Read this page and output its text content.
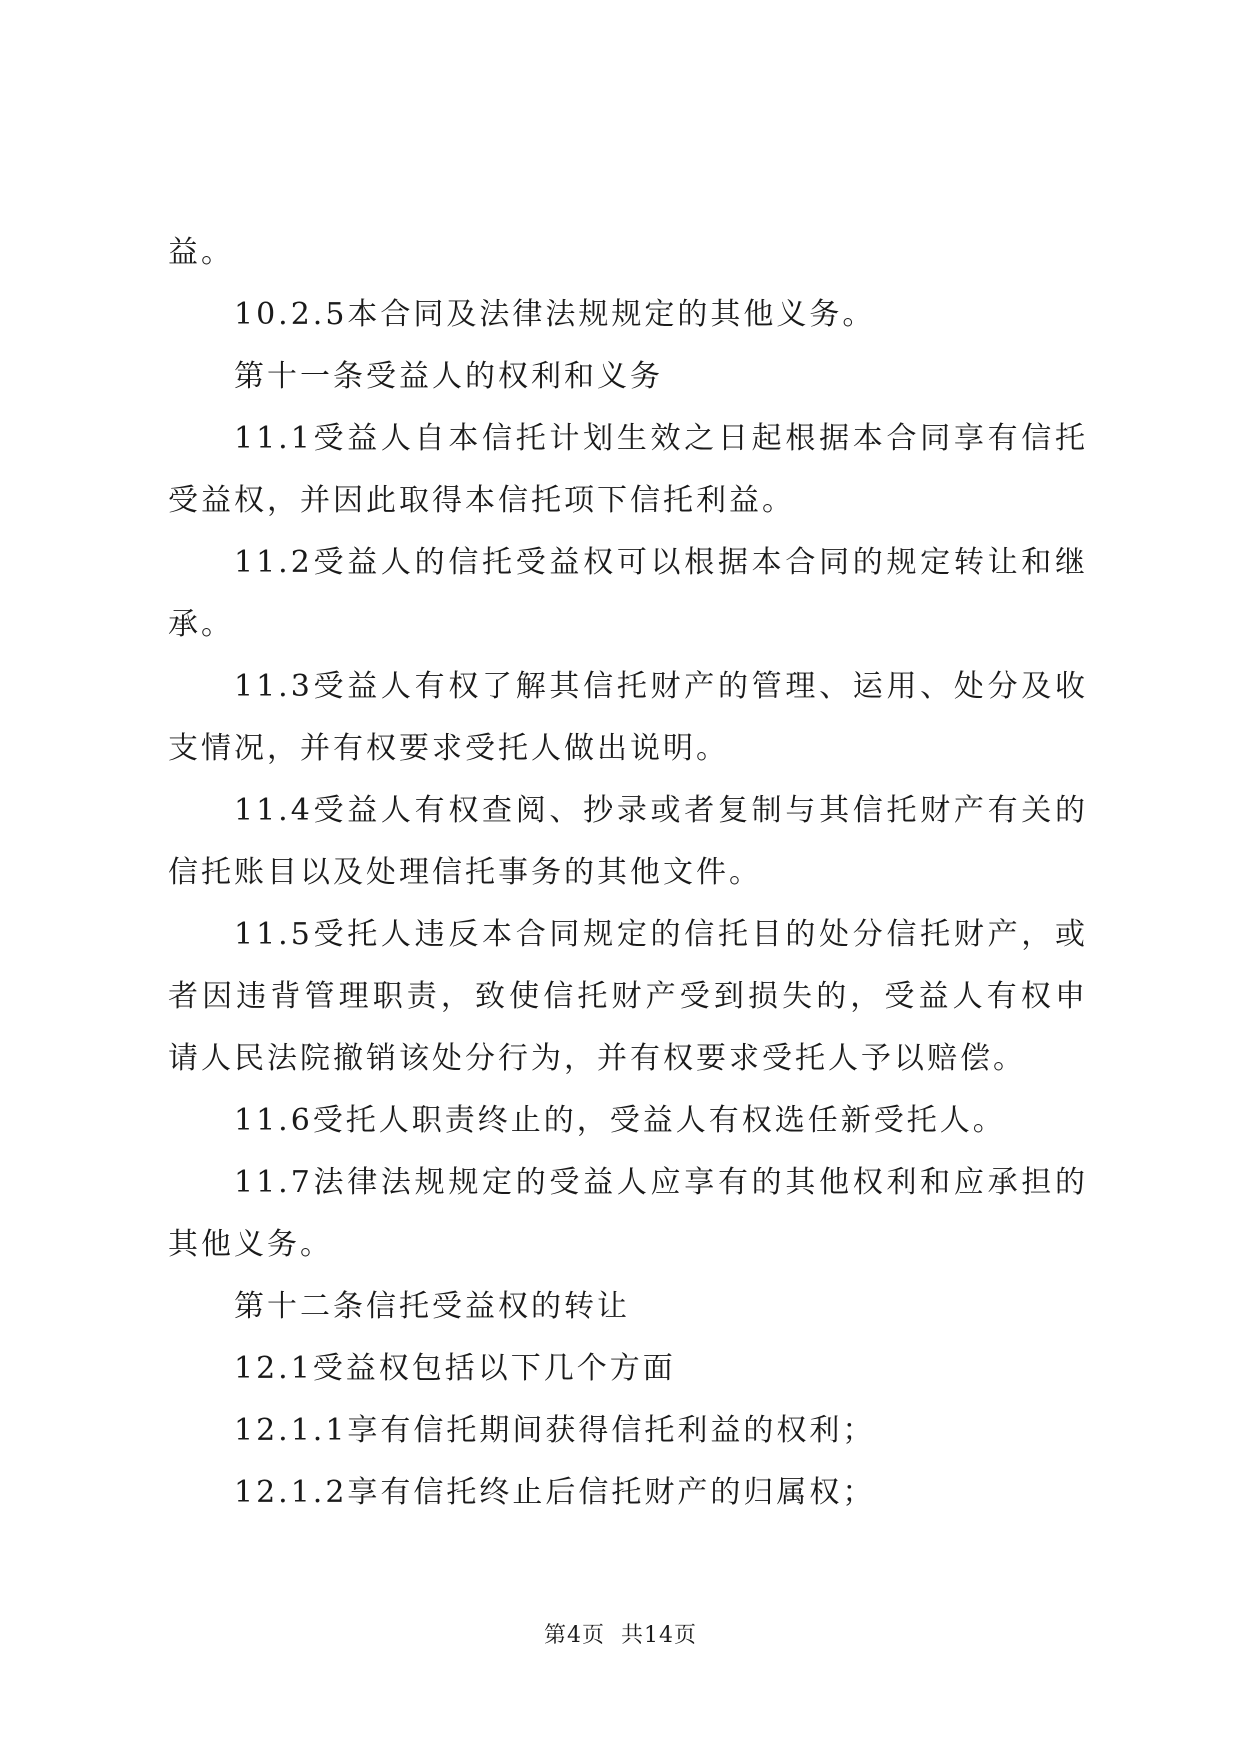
益。

10.2.5本合同及法律法规规定的其他义务。

第十一条受益人的权利和义务

11.1受益人自本信托计划生效之日起根据本合同享有信托受益权，并因此取得本信托项下信托利益。

11.2受益人的信托受益权可以根据本合同的规定转让和继承。

11.3受益人有权了解其信托财产的管理、运用、处分及收支情况，并有权要求受托人做出说明。

11.4受益人有权查阅、抄录或者复制与其信托财产有关的信托账目以及处理信托事务的其他文件。

11.5受托人违反本合同规定的信托目的处分信托财产，或者因违背管理职责，致使信托财产受到损失的，受益人有权申请人民法院撤销该处分行为，并有权要求受托人予以赔偿。

11.6受托人职责终止的，受益人有权选任新受托人。

11.7法律法规规定的受益人应享有的其他权利和应承担的其他义务。

第十二条信托受益权的转让

12.1受益权包括以下几个方面

12.1.1享有信托期间获得信托利益的权利；

12.1.2享有信托终止后信托财产的归属权；

第4页  共14页
